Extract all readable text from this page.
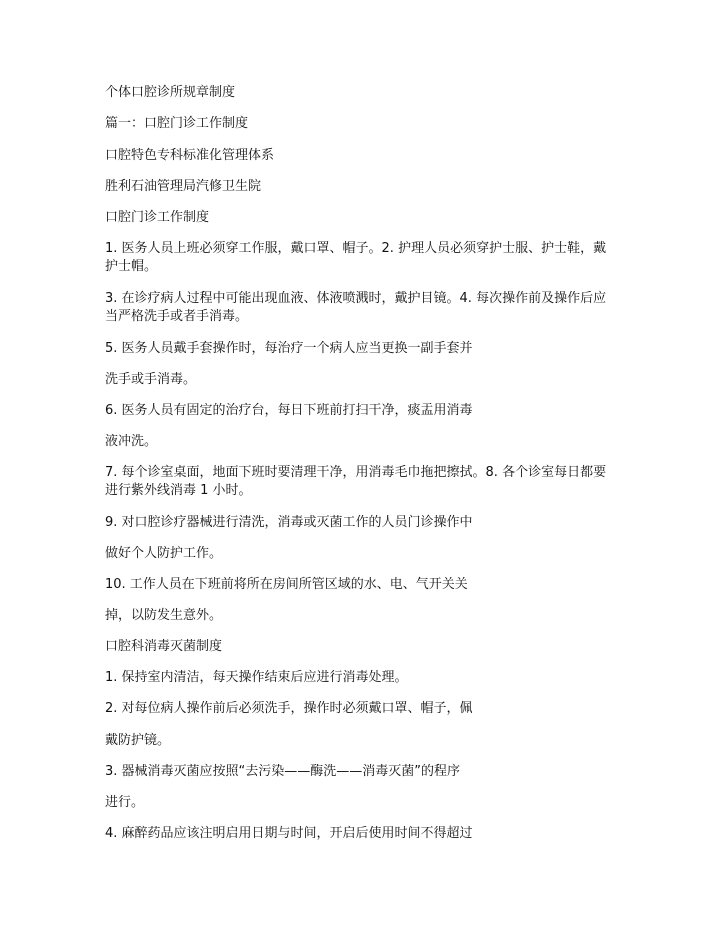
个体口腔诊所规章制度

篇一：口腔门诊工作制度

口腔特色专科标准化管理体系

胜利石油管理局汽修卫生院

口腔门诊工作制度

1. 医务人员上班必须穿工作服，戴口罩、帽子。2. 护理人员必须穿护士服、护士鞋，戴

护士帽。

3. 在诊疗病人过程中可能出现血液、体液喷溅时，戴护目镜。4. 每次操作前及操作后应

当严格洗手或者手消毒。

5. 医务人员戴手套操作时，每治疗一个病人应当更换一副手套并

洗手或手消毒。

6. 医务人员有固定的治疗台，每日下班前打扫干净，痰盂用消毒

液冲洗。

7. 每个诊室桌面，地面下班时要清理干净，用消毒毛巾拖把擦拭。8. 各个诊室每日都要

进行紫外线消毒 1 小时。

9. 对口腔诊疗器械进行清洗，消毒或灭菌工作的人员门诊操作中

做好个人防护工作。

10. 工作人员在下班前将所在房间所管区域的水、电、气开关关

掉，以防发生意外。

口腔科消毒灭菌制度

1. 保持室内清洁，每天操作结束后应进行消毒处理。

2. 对每位病人操作前后必须洗手，操作时必须戴口罩、帽子，佩

戴防护镜。

3. 器械消毒灭菌应按照“去污染——酶洗——消毒灭菌”的程序

进行。

4. 麻醉药品应该注明启用日期与时间，开启后使用时间不得超过
